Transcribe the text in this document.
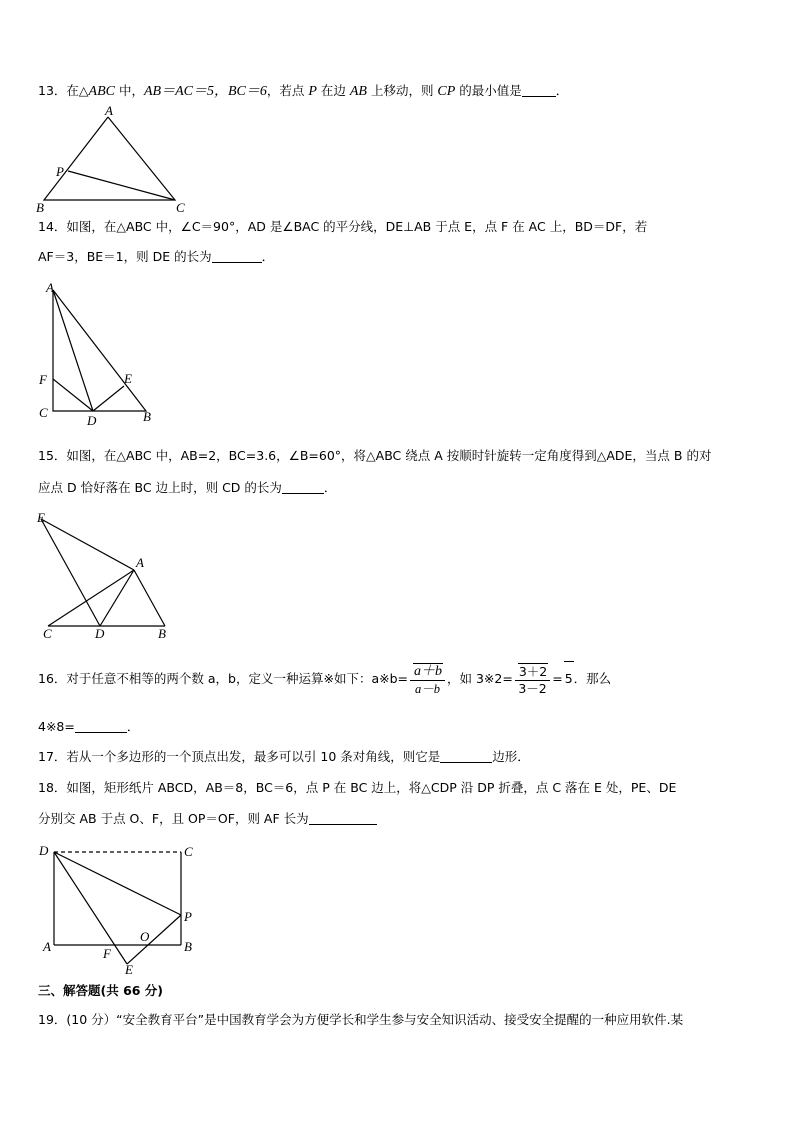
13．在△ABC 中，AB＝AC＝5，BC＝6，若点 P 在边 AB 上移动，则 CP 的最小值是	．
A
P
B	C
14．如图，在△ABC 中，∠C＝90°，AD 是∠BAC 的平分线，DE⊥AB 于点 E，点 F 在 AC 上，BD＝DF，若
AF＝3，BE＝1，则 DE 的长为	．
A
F	E
C
D	B
15．如图，在△ABC 中，AB=2，BC=3.6，∠B=60°，将△ABC 绕点 A 按顺时针旋转一定角度得到△ADE，当点 B 的对
应点 D 恰好落在 BC 边上时，则 CD 的长为	．
E
A
C	D	B
16．对于任意不相等的两个数 a，b，定义一种运算※如下：a※b= $\frac{a+b}{a-b}$ ，如 3※2= $\frac{3+2}{3-2} = 5$．那么
4※8=	．
17．若从一个多边形的一个顶点出发，最多可以引 10 条对角线，则它是	边形．
18．如图，矩形纸片 ABCD，AB＝8，BC＝6，点 P 在 BC 边上，将△CDP 沿 DP 折叠，点 C 落在 E 处，PE、DE
分别交 AB 于点 O、F，且 OP＝OF，则 AF 长为
D	C
P
O
A	F	B
E
三、解答题(共 66 分)
19．(10 分）“安全教育平台”是中国教育学会为方便学长和学生参与安全知识活动、接受安全提醒的一种应用软件.某
